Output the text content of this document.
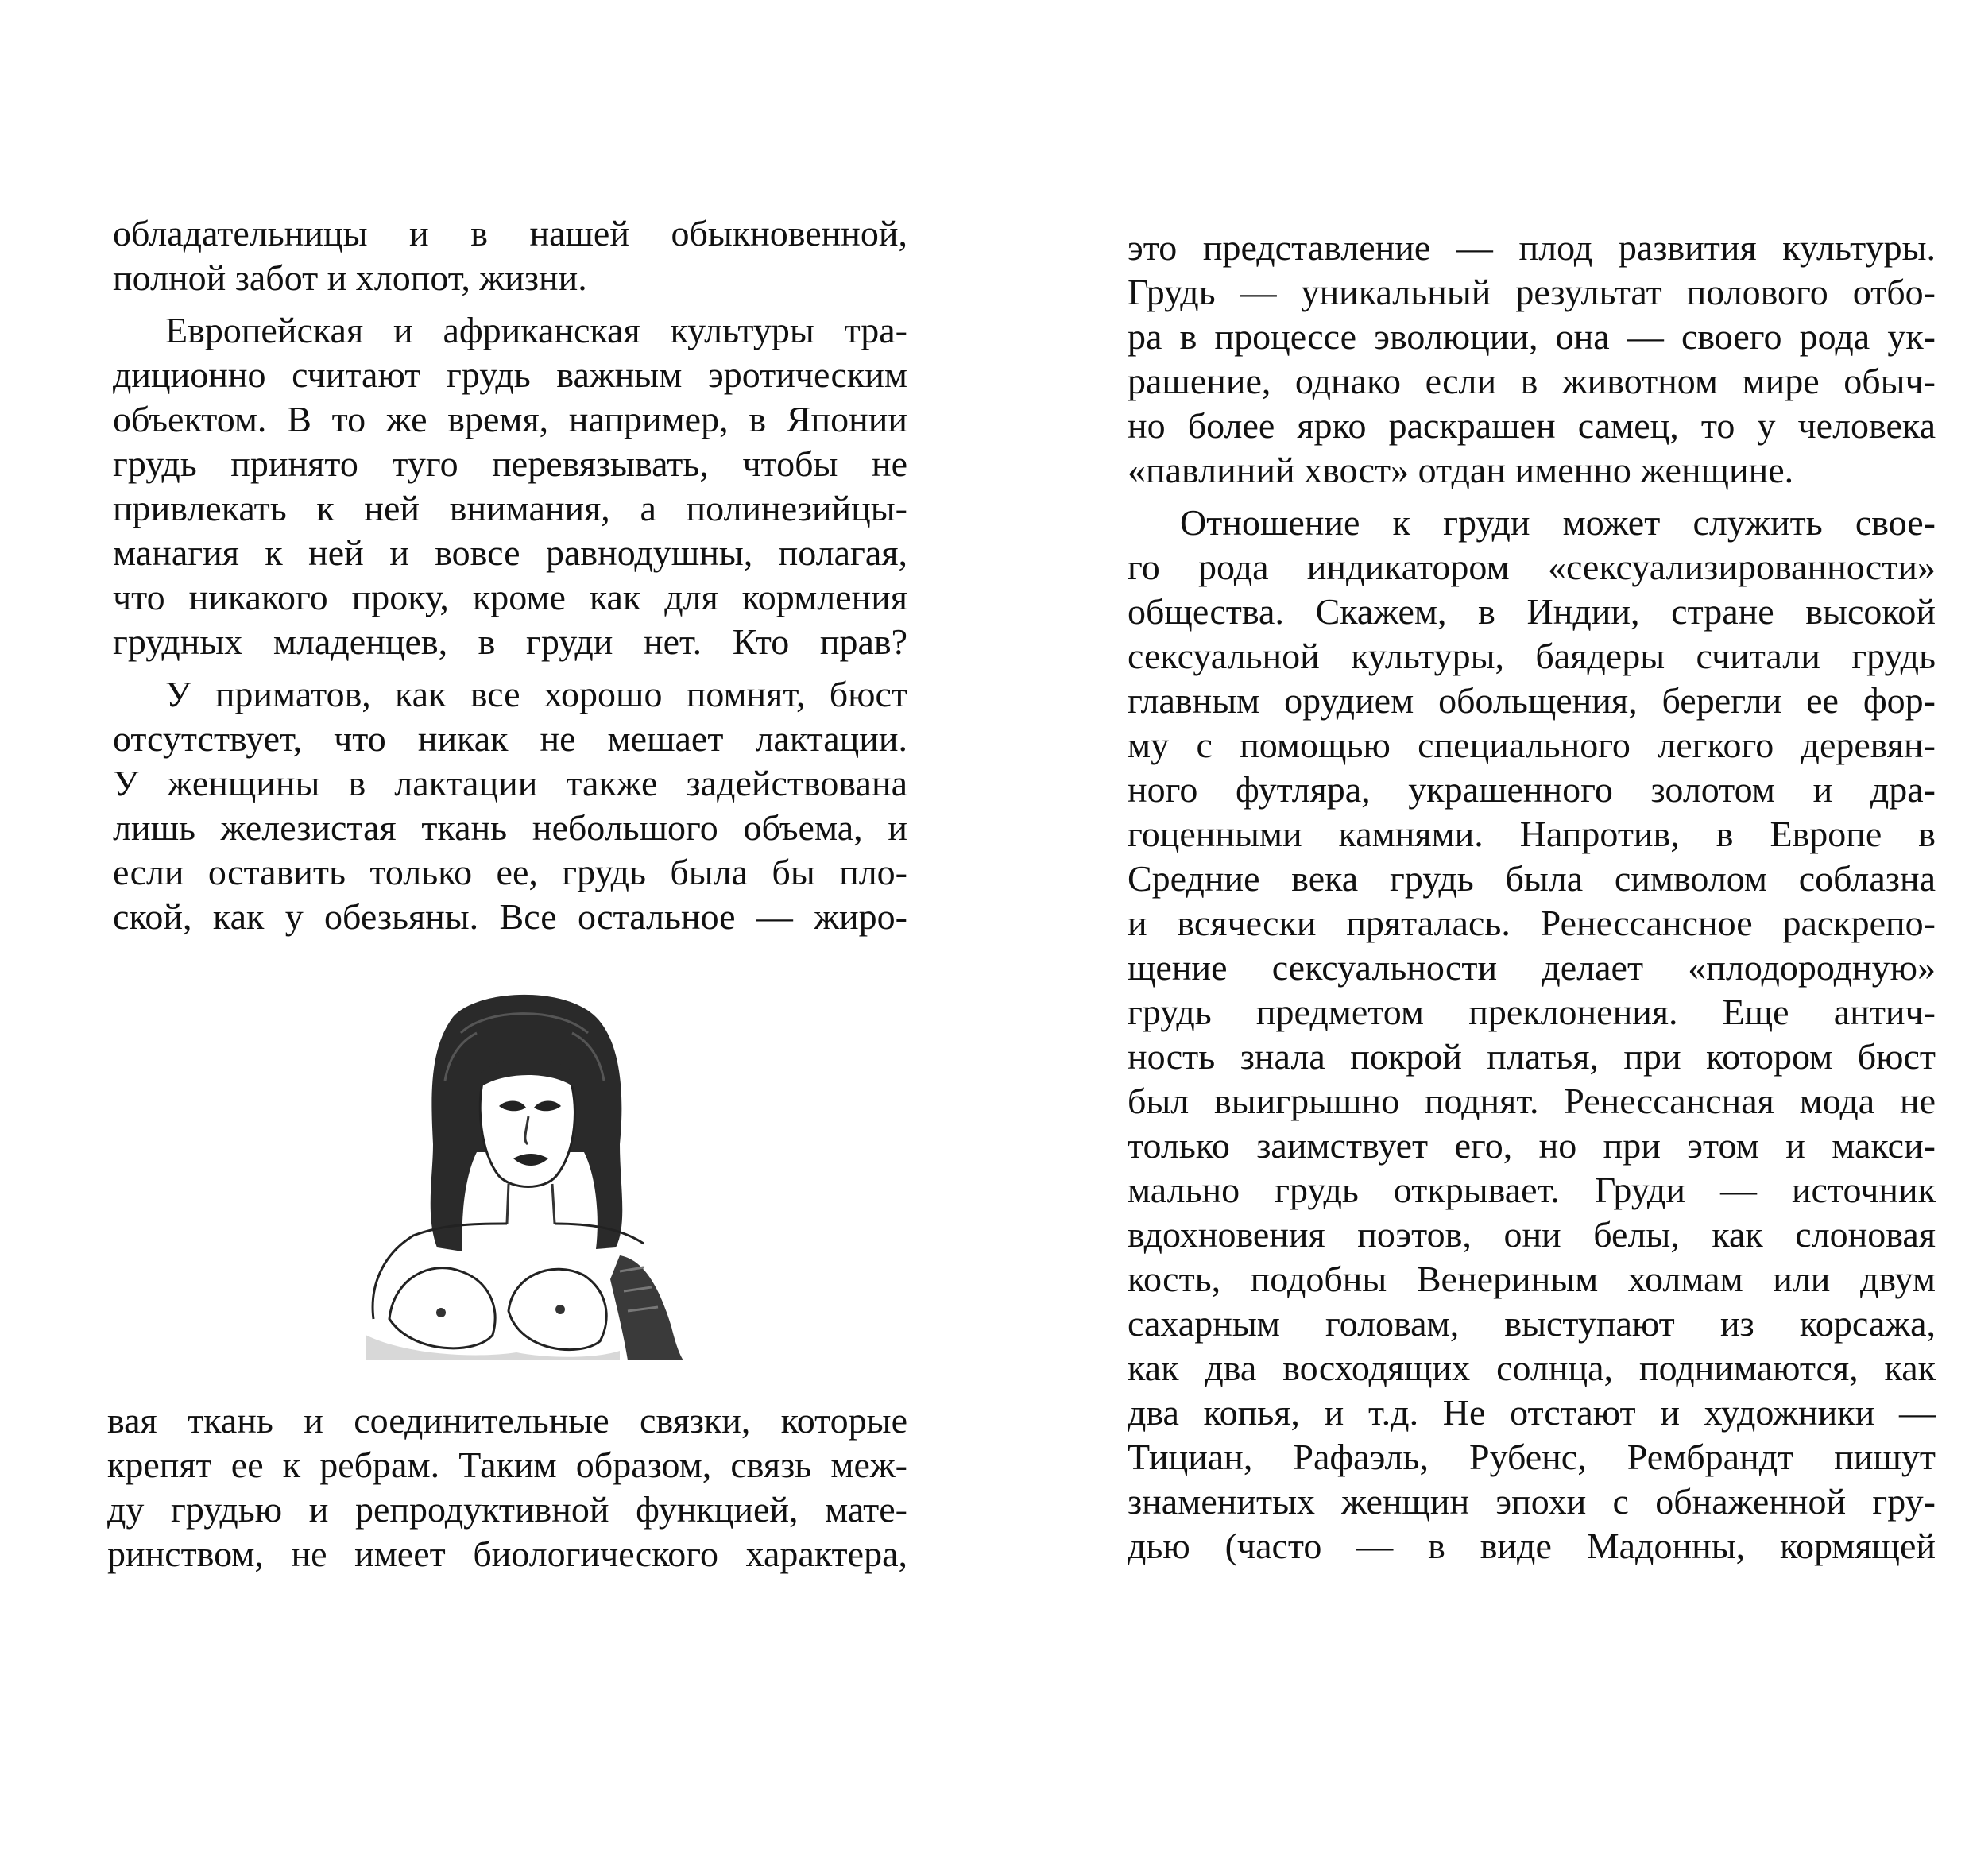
обладательницы и в нашей обыкновенной,
полной забот и хлопот, жизни.
Европейская и африканская культуры тра-
диционно считают грудь важным эротическим
объектом. В то же время, например, в Японии
грудь принято туго перевязывать, чтобы не
привлекать к ней внимания, а полинезийцы-
манагия к ней и вовсе равнодушны, полагая,
что никакого проку, кроме как для кормления
грудных младенцев, в груди нет. Кто прав?
У приматов, как все хорошо помнят, бюст
отсутствует, что никак не мешает лактации.
У женщины в лактации также задействована
лишь железистая ткань небольшого объема, и
если оставить только ее, грудь была бы пло-
ской, как у обезьяны. Все остальное — жиро-
вая ткань и соединительные связки, которые
крепят ее к ребрам. Таким образом, связь меж-
ду грудью и репродуктивной функцией, мате-
ринством, не имеет биологического характера,
это представление — плод развития культуры.
Грудь — уникальный результат полового отбо-
ра в процессе эволюции, она — своего рода ук-
рашение, однако если в животном мире обыч-
но более ярко раскрашен самец, то у человека
«павлиний хвост» отдан именно женщине.
Отношение к груди может служить свое-
го рода индикатором «сексуализированности»
общества. Скажем, в Индии, стране высокой
сексуальной культуры, баядеры считали грудь
главным орудием обольщения, берегли ее фор-
му с помощью специального легкого деревян-
ного футляра, украшенного золотом и дра-
гоценными камнями. Напротив, в Европе в
Средние века грудь была символом соблазна
и всячески пряталась. Ренессансное раскрепо-
щение сексуальности делает «плодородную»
грудь предметом преклонения. Еще антич-
ность знала покрой платья, при котором бюст
был выигрышно поднят. Ренессансная мода не
только заимствует его, но при этом и макси-
мально грудь открывает. Груди — источник
вдохновения поэтов, они белы, как слоновая
кость, подобны Венериным холмам или двум
сахарным головам, выступают из корсажа,
как два восходящих солнца, поднимаются, как
два копья, и т.д. Не отстают и художники —
Тициан, Рафаэль, Рубенс, Рембрандт пишут
знаменитых женщин эпохи с обнаженной гру-
дью (часто — в виде Мадонны, кормящей
